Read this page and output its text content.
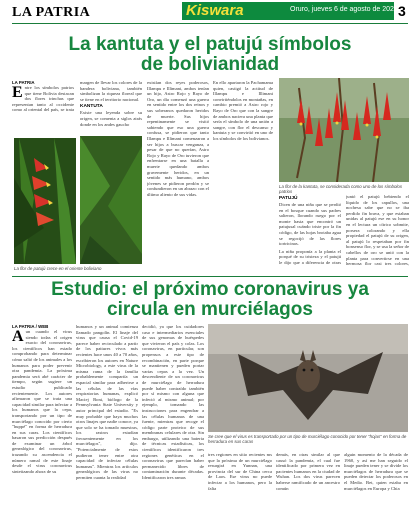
LA PATRIA	Kiswara	Oruro, jueves 6 de agosto de 2020 3
La kantuta y el patujú símbolos de bolivianidad
LA PATRIA
E ntre los símbolos patrios que tiene Bolivia destacan dos flores trinchas que representan tanto al occidente como al oriental del país, se trata
La flor de patujú crece en el oriente boliviano

margen de llevar los colores de la bandera boliviana, también simbolizan la riqueza floreal que se tiene en el territorio nacional.

KANTUTA

Existe una leyenda sobre su origen, se comenta a siglos atrás donde en los andes gaucho

existían dos reyes poderosos, Illampu e Illimani, ambos tenían un hijo, Astro Rojo y Rayo de Oro, un día comenzó una guerra en sentido entre los dos reinos y sus soberanos quedaron heridos de muerte. Sus hijos repentinamente se visitó sabiendo que eso una guerra confusa, se pidieron que tanto Illampu e Illimani comenzaron a ser hijos a buscar venganza, a pesar de que no querían, Astro Rojo y Rayo de Oro tuvieron que enfrentarse en una batalla a muerte quedando ambos gravemente heridos, en un sentido más humano, ambos jóvenes se pidieron perdón y se confundieron en un abrazo con el último aliento de sus vidas.

En ello apartaron la Pachamama quien, castigó la actitud de Illampu e Illimani convirtiéndolos en montañas, en cambio premió a Astro rojo y Rayo de Oro que con la sangre de ambos naciera una planta que sería el símbolo de una unión a sangre, con flor el descanso y kantuta y se convirtió en uno de los símbolos de los bolivianos.

La flor de la kantuta, se considerada como uno de los símbolos patrios
PATUJÚ

Dicen de una niña que se perdió en el bosque cuando sus padres salieron, llorando ruego por el monte hasta que encontró un patujusal cuándo triste por la fin código, de las hojas brotaba agua se regocijó de las flores tortricinas.

La niña proponía a la planta el porqué de su tristeza y el patujú le dijo que a diferencia de otras

juntó el patujú bebiendo el líquido de los capullos, una nochesa sabe que no se iba perdido fin brava, y que estaban unidas al patujú ese en su honor en el lectura un cítrico sobmite, porsera colorando y ella propiedad el patujú de su origen, al patujú lo respetaban por fin bonsenso flor, y se usa la señor de cabellos de oro se unió con la planta para convertirse en una hermosa flor casi tres colores,

Estudio: el próximo coronavirus ya circula en murciélagos
LA PATRIA / WEB
A un cuando el virus siendo todas el origen exacto del coronavirus, los científicos han estado comprobando para determinar cómo saltó de los animales a los humanos para poder prevenir otra pandemia. La próxima pandemia será abé carácter de tiempo, según sugiere un estudio publicado recientemente. Los autores afirmaron que se trata una capacidad similar para infectar a los humanos que la cepa, transportando por un tipo de murciélago conocido por cierto "huppé" en forma de herradura en sus caras. Los científicos basaron sus predicción después de examinar un árbol genealógico del coronavirus, trazando su ascendencia el número ramal de este linaje desde el virus coronavirus sintetizando ahora de su

humanos y un animal comienza llamado pangolín. El linaje del virus que causa el Covid-19 parece haber recirculado a partir de los pattures vivos más recientes hace unos 40 a 70 años, escribieron los autores en Nature Microbiology, a este virus de la misma rama de la familia probablemente compartía un espacial similar para adherirse a las células de las vías respiratorias humanas, explicó Maciej Boni, biólogo de la Pennsylvania State University y autor principal del estudio. "Es muy probable que haya muchos otros linajes que nadie conoce, ya que solo se ha tomado muestras, los rastros estudian frecuentemente en los murciélagos", dijo. "Potencialmente de estos pudieron tener entre otra capacidad de infectar células humanas". Mientras los artículos genealógicos de las virus no permiten cuanta la realidad

decidió, ya que los cuidadores caso e intermediarios esenciales de sus genomas de huéspedes que vivieron el país y colas. Los coronavirus, en particular, son propensos a este tipo de recombinación, en parte porque se mantienen y pueden portar varias cepas a la vez. Un descendiente de un coronavirus de murciélago de herradura puede haber contraído también por sí mismo con alguna que infectó al mismo animal; por ejemplo, tomando las instrucciones para engendrar a las células humanas de una fuente, mientras que recoge el código parte proteico de sus membranas celulares de otra. Sin embargo, utilizando una bateria de técnicas estadísticas, los científicos identificaron tres regiones genéticas en el coronavirus que parecían haber permanecido libres de contaminación durante décadas. Identificaron tres ramas

Se cree que el virus es transportado por un tipo de murciélago conocido por tener "hojas" en forma de herradura en sus caras

tres regiones en sitio recientes ms que la próxima de un murciélago resurgirá en Yunnan, una provincia del sur de China cerca de Laos. Ese virus no puede infectar a los humanos, pero la falta

demás, en otras similar al que causó la pandemia, el cual fue identificado por primera vez en pacientes humanos en la ciudad de Wuhan. Los dos virus parecen haberse ramificado de un ancestro común

alguin momento de la década de 1960, y así me han seguido el linaje pueden tener y se divide los murciélagos de herradura que se pueden detectar los poderosos en el Medio. Bet, quien estaba en murciélagos en Europa y Chia
